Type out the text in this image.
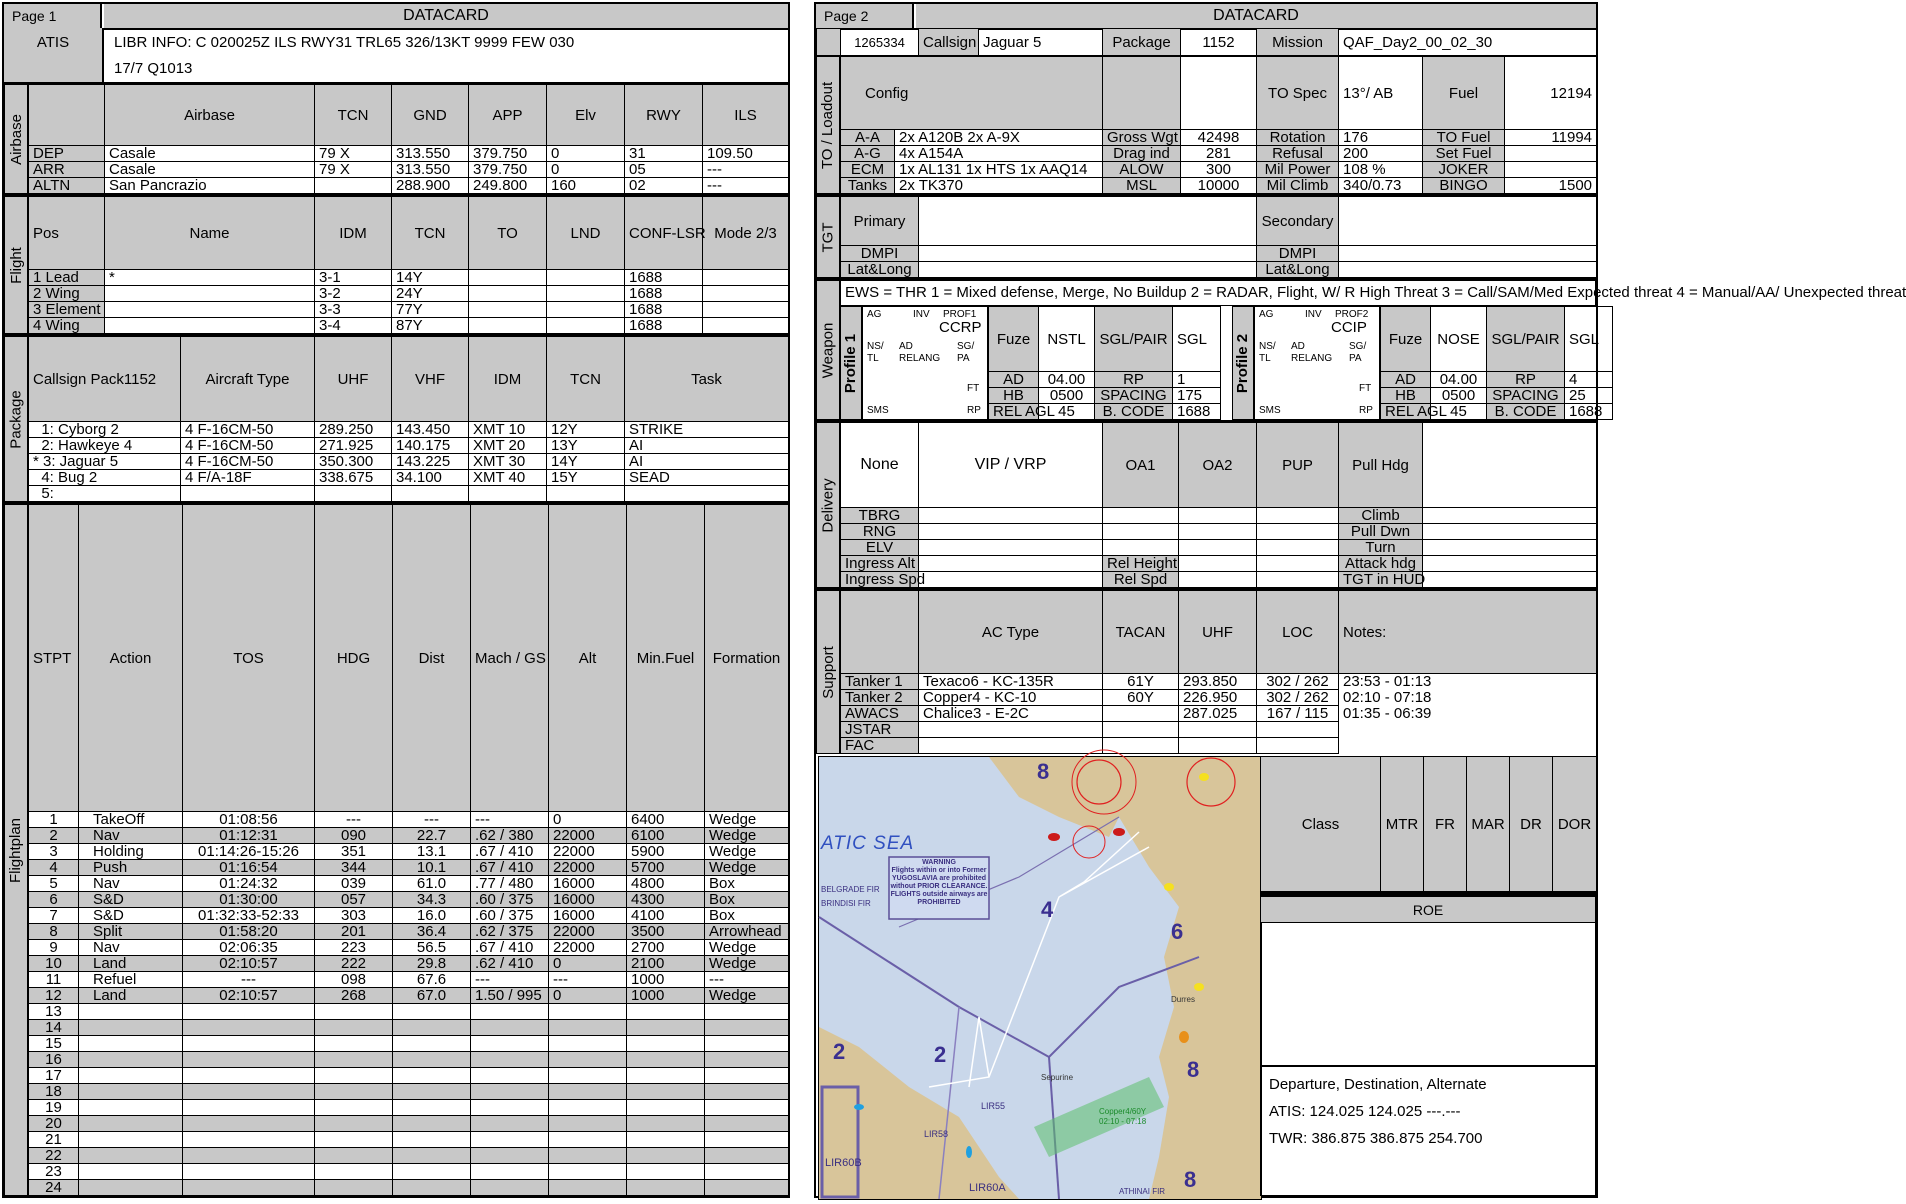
Page 1	DATACARD
ATIS	LIBR INFO: C 020025Z ILS RWY31 TRL65 326/13KT 9999 FEW 030
17/7 Q1013
Airbase
		Airbase	TCN	GND	APP	Elv	RWY	ILS
DEP	Casale	79 X	313.550	379.750	0	31	109.50
ARR	Casale	79 X	313.550	379.750	0	05	---
ALTN	San Pancrazio		288.900	249.800	160	02	---
Flight
Pos	Name	IDM	TCN	TO	LND	CONF-LSR	Mode 2/3
1 Lead	*	3-1	14Y			1688	
2 Wing		3-2	24Y			1688	
3 Element		3-3	77Y			1688	
4 Wing		3-4	87Y			1688	
Package
Callsign Pack1152	Aircraft Type	UHF	VHF	IDM	TCN	Task
1: Cyborg 2	4 F-16CM-50	289.250	143.450	XMT 10	12Y	STRIKE
2: Hawkeye 4	4 F-16CM-50	271.925	140.175	XMT 20	13Y	AI
* 3: Jaguar 5	4 F-16CM-50	350.300	143.225	XMT 30	14Y	AI
4: Bug 2	4 F/A-18F	338.675	34.100	XMT 40	15Y	SEAD
5:						
Flightplan
STPT	Action	TOS	HDG	Dist	Mach / GS	Alt	Min.Fuel	Formation
1	TakeOff	01:08:56	---	---	---	0	6400	Wedge
2	Nav	01:12:31	090	22.7	.62 / 380	22000	6100	Wedge
3	Holding	01:14:26-15:26	351	13.1	.67 / 410	22000	5900	Wedge
4	Push	01:16:54	344	10.1	.67 / 410	22000	5700	Wedge
5	Nav	01:24:32	039	61.0	.77 / 480	16000	4800	Box
6	S&D	01:30:00	057	34.3	.60 / 375	16000	4300	Box
7	S&D	01:32:33-52:33	303	16.0	.60 / 375	16000	4100	Box
8	Split	01:58:20	201	36.4	.62 / 375	22000	3500	Arrowhead
9	Nav	02:06:35	223	56.5	.67 / 410	22000	2700	Wedge
10	Land	02:10:57	222	29.8	.62 / 410	0	2100	Wedge
11	Refuel	---	098	67.6	---	---	1000	---
12	Land	02:10:57	268	67.0	1.50 / 995	0	1000	Wedge
13								
14								
15								
16								
17								
18								
19								
20								
21								
22								
23								
24								
Page 2	DATACARD
	1265334	Callsign	Jaguar 5	Package	1152	Mission	QAF_Day2_00_02_30
TO / Loadout Config				TO Spec	13°/ AB	Fuel	12194
A-A	2x A120B 2x A-9X	Gross Wgt	42498	Rotation	176	TO Fuel	11994
A-G	4x A154A	Drag ind	281	Refusal	200	Set Fuel	
ECM	1x AL131 1x HTS 1x AAQ14	ALOW	300	Mil Power	108 %	JOKER	
Tanks	2x TK370	MSL	10000	Mil Climb	340/0.73	BINGO	1500
TGT
Primary		Secondary	
DMPI		DMPI	
Lat&Long		Lat&Long	
Weapon
EWS = THR 1 = Mixed defense, Merge, No Buildup 2 = RADAR, Flight, W/ R High Threat 3 = Call/SAM/Med Expected threat 4 = Manual/AA/ Unexpected threat
Profile 1
AG	INV PROF1
NS/
TL
AD
RELANG
SG/
PA
FT
SMS	RP
CCRP
Fuze	NSTL	SGL/PAIR	SGL
AD	04.00	RP	1
HB	0500	SPACING	175
REL AGL	45	B. CODE	1688
Profile 2
AG	INV PROF2
NS/
TL
AD
RELANG
SG/
PA
FT
SMS	RP
CCIP
Fuze	NOSE	SGL/PAIR	SGL
AD	04.00	RP	4
HB	0500	SPACING	25
REL AGL	45	B. CODE	1688
Delivery
None	VIP / VRP	OA1	OA2	PUP	Pull Hdg	
TBRG					Climb	
RNG					Pull Dwn	
ELV					Turn	
Ingress Alt		Rel Height			Attack hdg	
Ingress Spd		Rel Spd			TGT in HUD	
Support
	AC Type	TACAN	UHF	LOC	Notes:
Tanker 1	Texaco6 - KC-135R	61Y	293.850	302 / 262	23:53 - 01:13
Tanker 2	Copper4 - KC-10	60Y	226.950	302 / 262	02:10 - 07:18
AWACS	Chalice3 - E-2C		287.025	167 / 115	01:35 - 06:39
JSTAR					
FAC					
ATIC SEA
WARNING
Flights within or into Former
YUGOSLAVIA are prohibited
without PRIOR CLEARANCE.
FLIGHTS outside airways are
PROHIBITED
LIR60B
LIR60A
LIR55
LIR58
Sepurine
Durres
ATHINAI FIR
BELGRADE FIR
BRINDISI FIR
8
4
6
2	2
8
8
Copper4/60Y
02:10 - 07:18
Class	MTR	FR	MAR	DR	DOR

ROE
Departure, Destination, Alternate
ATIS: 124.025 124.025 ---.---
TWR: 386.875 386.875 254.700
